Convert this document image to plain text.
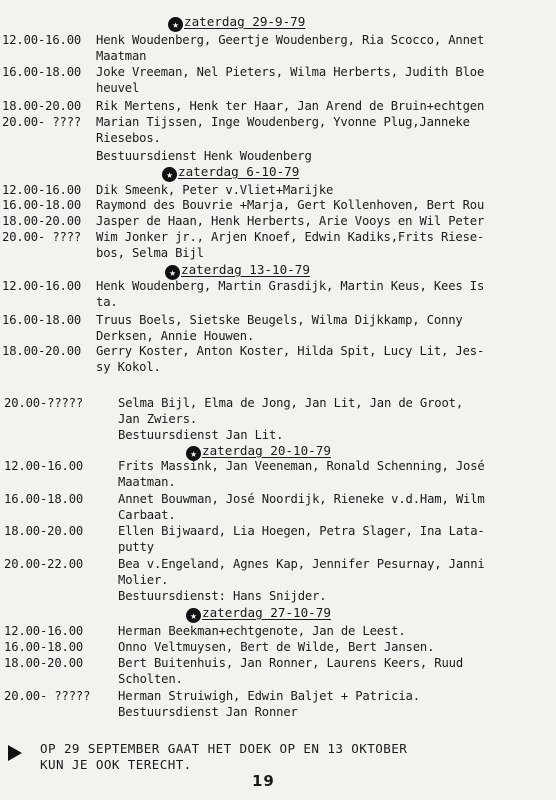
★ zaterdag 29-9-79
12.00-16.00 Henk Woudenberg, Geertje Woudenberg, Ria Scocco, Annet
Maatman
16.00-18.00 Joke Vreeman, Nel Pieters, Wilma Herberts, Judith Bloe
heuvel
18.00-20.00 Rik Mertens, Henk ter Haar, Jan Arend de Bruin+echtgen
20.00- ???? Marian Tijssen, Inge Woudenberg, Yvonne Plug,Janneke
Riesebos.
Bestuursdienst Henk Woudenberg
★ zaterdag 6-10-79
12.00-16.00 Dik Smeenk, Peter v.Vliet+Marijke
16.00-18.00 Raymond des Bouvrie +Marja, Gert Kollenhoven, Bert Rou
18.00-20.00 Jasper de Haan, Henk Herberts, Arie Vooys en Wil Peter
20.00- ???? Wim Jonker jr., Arjen Knoef, Edwin Kadiks,Frits Riese-
bos, Selma Bijl
★ zaterdag 13-10-79
12.00-16.00 Henk Woudenberg, Martin Grasdijk, Martin Keus, Kees Is
ta.
16.00-18.00 Truus Boels, Sietske Beugels, Wilma Dijkkamp, Conny
Derksen, Annie Houwen.
18.00-20.00 Gerry Koster, Anton Koster, Hilda Spit, Lucy Lit, Jes-
sy Kokol.
20.00-?????	Selma Bijl, Elma de Jong, Jan Lit, Jan de Groot,
Jan Zwiers.
Bestuursdienst Jan Lit.
★ zaterdag 20-10-79
12.00-16.00	Frits Massink, Jan Veeneman, Ronald Schenning, José
Maatman.
16.00-18.00	Annet Bouwman, José Noordijk, Rieneke v.d.Ham, Wilm
Carbaat.
18.00-20.00	Ellen Bijwaard, Lia Hoegen, Petra Slager, Ina Lata-
putty
20.00-22.00	Bea v.Engeland, Agnes Kap, Jennifer Pesurnay, Janni
Molier.
Bestuursdienst: Hans Snijder.
★ zaterdag 27-10-79
12.00-16.00	Herman Beekman+echtgenote, Jan de Leest.
16.00-18.00	Onno Veltmuysen, Bert de Wilde, Bert Jansen.
18.00-20.00	Bert Buitenhuis, Jan Ronner, Laurens Keers, Ruud
Scholten.
20.00- ????? Herman Struiwigh, Edwin Baljet + Patricia.
Bestuursdienst Jan Ronner
OP 29 SEPTEMBER GAAT HET DOEK OP EN 13 OKTOBER
KUN JE OOK TERECHT.
19
